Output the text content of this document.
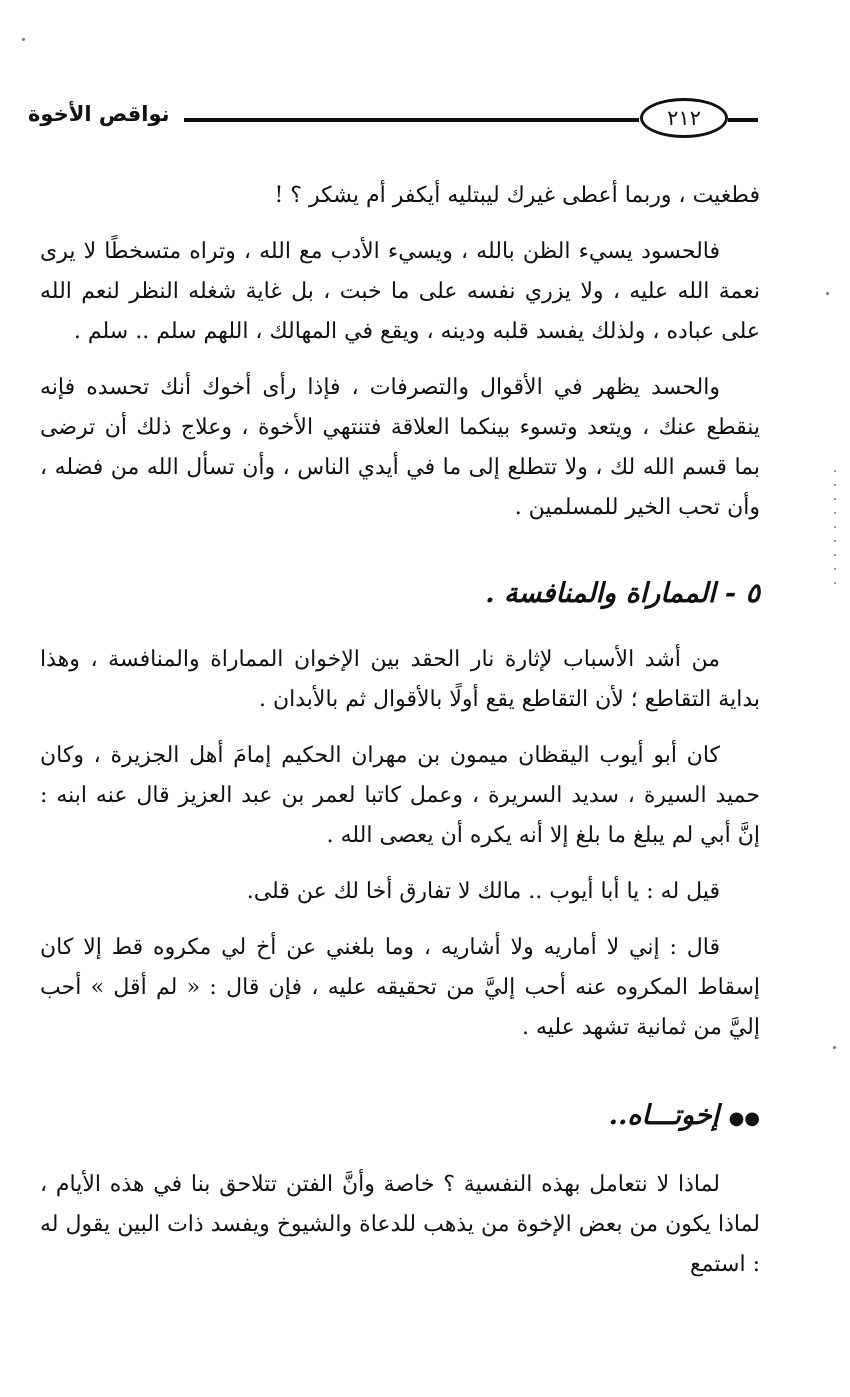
نواقص الأخوة	٢١٢

فطغيت ، وربما أعطى غيرك ليبتليه أيكفر أم يشكر ؟ !

فالحسود يسيء الظن بالله ، ويسيء الأدب مع الله ، وتراه متسخطًا لا يرى نعمة الله عليه ، ولا يزري نفسه على ما خبت ، بل غاية شغله النظر لنعم الله على عباده ، ولذلك يفسد قلبه ودينه ، ويقع في المهالك ، اللهم سلم .. سلم .

والحسد يظهر في الأقوال والتصرفات ، فإذا رأى أخوك أنك تحسده فإنه ينقطع عنك ، ويتعد وتسوء بينكما العلاقة فتنتهي الأخوة ، وعلاج ذلك أن ترضى بما قسم الله لك ، ولا تتطلع إلى ما في أيدي الناس ، وأن تسأل الله من فضله ، وأن تحب الخير للمسلمين .

٥ - المماراة والمنافسة .

من أشد الأسباب لإثارة نار الحقد بين الإخوان المماراة والمنافسة ، وهذا بداية التقاطع ؛ لأن التقاطع يقع أولًا بالأقوال ثم بالأبدان .

كان أبو أيوب اليقظان ميمون بن مهران الحكيم إمامَ أهل الجزيرة ، وكان حميد السيرة ، سديد السريرة ، وعمل كاتبا لعمر بن عبد العزيز قال عنه ابنه : إنَّ أبي لم يبلغ ما بلغ إلا أنه يكره أن يعصى الله .

قيل له : يا أبا أيوب .. مالك لا تفارق أخا لك عن قلى.

قال : إني لا أماريه ولا أشاريه ، وما بلغني عن أخ لي مكروه قط إلا كان إسقاط المكروه عنه أحب إليَّ من تحقيقه عليه ، فإن قال : « لم أقل » أحب إليَّ من ثمانية تشهد عليه .

●● إخوتـــاه..

لماذا لا نتعامل بهذه النفسية ؟ خاصة وأنَّ الفتن تتلاحق بنا في هذه الأيام ، لماذا يكون من بعض الإخوة من يذهب للدعاة والشيوخ ويفسد ذات البين يقول له : استمع
